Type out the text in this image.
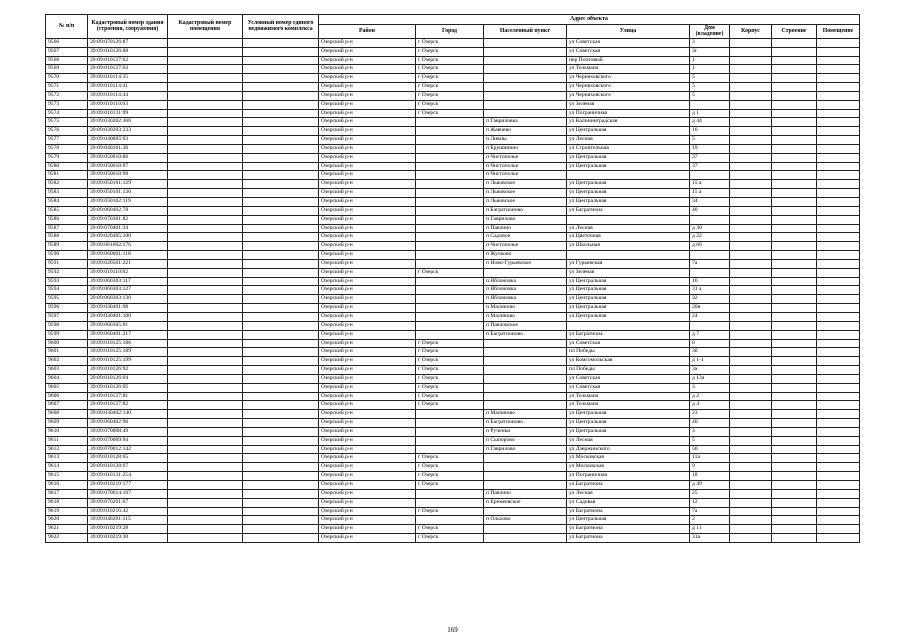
№ п/п	Кадастровый номер здания (строения, сооружения)	Кадастровый номер помещения	Условный номер единого недвижимого комплекса	Адрес объекта							
				Район	Город	Населенный пункт	Улица	Дом (владение)	Корпус	Строение	Помещение
9566	39:09:070126:87			Озерский р-н	г Озерск		ул Советская	3			
9567	39:09:010126:88			Озерский р-н	г Озерск		ул Советская	3г			
9568	39:09:010127:62			Озерский р-н	г Озерск		пер Почтовый	1			
9569	39:09:010127:63			Озерский р-н	г Озерск		ул Тельмана	1			
9570	39:09:010114:35			Озерский р-н	г Озерск		ул Черняховского	5			
9571	39:09:010114:41			Озерский р-н	г Озерск		ул Черняховского	5			
9572	39:09:010114:44			Озерский р-н	г Озерск		ул Черняховского	5			
9573	39:09:010110:63			Озерский р-н	г Озерск		ул Зеленая				
9574	39:09:010131:99			Озерский р-н	г Озерск		ул Пограничная	д 1			
9575	39:09:030202:366			Озерский р-н		п Гавриловка	ул Калининградская	д 44			
9576	39:09:030203:233			Озерский р-н		п Жавчево	ул Центральная	16			
9577	39:09:040005:93			Озерский р-н		п Ливны	ул Лесная	5			
9578	39:09:040101:36			Озерский р-н		п Брушинино	ул Строительная	19			
9579	39:09:050010:86			Озерский р-н		п Чистополье	ул Центральная	37			
9580	39:09:050010:87			Озерский р-н		п Чистополье	ул Центральная	37			
9581	39:09:050010:98			Озерский р-н		п Чистополье					
9582	39:09:050101:129			Озерский р-н		п Львовское	ул Центральная	15 а			
9583	39:09:050101:130			Озерский р-н		п Львовское	ул Центральная	15 а			
9584	39:09:050102:119			Озерский р-н		п Львовское	ул Центральная	34			
9585	39:09:060402:78			Озерский р-н		п Багратионово	ул Багратиона	40			
9586	39:09:070301:82			Озерский р-н		п Гаврилово					
9587	39:09:070401:34			Озерский р-н		п Павлино	ул Лесная	д 30			
9588	39:09:020405:100			Озерский р-н		п Садовое	ул Цветочная	д 22			
9589	39:09:061002:176			Озерский р-н		п Чистополье	ул Школьная	д 66			
9590	39:09:060001:118			Озерский р-н		п Жучково					
9591	39:09:020501:221			Озерский р-н		п Ново-Гурьевское	ул Гурьевская	7а			
9592	39:09:010110:82			Озерский р-н	г Озерск		ул Зеленая				
9593	39:09:060303:117			Озерский р-н		п Яблоновка	ул Центральная	16			
9594	39:09:060303:127			Озерский р-н		п Яблоновка	ул Центральная	31 а			
9595	39:09:060303:130			Озерский р-н		п Яблоновка	ул Центральная	32			
9596	39:09:030401:98			Озерский р-н		п Малиново	ул Центральная	20в			
9597	39:09:030401:100			Озерский р-н		п Малиново	ул Центральная	24			
9598	39:09:060305:81			Озерский р-н		п Павловское					
9599	39:09:060401:217			Озерский р-н		п Багратионово	ул Багратиона	д 7			
9600	39:09:010125:186			Озерский р-н	г Озерск		ул Советская	8			
9601	39:09:010125:189			Озерский р-н	г Озерск		пл Победы	3б			
9602	39:09:010125:199			Озерский р-н	г Озерск		ул Комсомольская	д 1-1			
9603	39:09:010126:92			Озерский р-н	г Озерск		пл Победы	3а			
9604	39:09:010126:94			Озерский р-н	г Озерск		ул Советская	д 13а			
9605	39:09:010126:95			Озерский р-н	г Озерск		ул Советская	3			
9606	39:09:010127:81			Озерский р-н	г Озерск		ул Тельмана	д 2			
9607	39:09:010127:82			Озерский р-н	г Озерск		ул Тельмана	д 4			
9608	39:09:030402:140			Озерский р-н		п Малиново	ул Центральная	23			
9609	39:09:060402:96			Озерский р-н		п Багратионово	ул Центральная	40			
9610	39:09:070008:49			Озерский р-н		п Рученки	ул Центральная	3			
9611	39:09:070009:94			Озерский р-н		п Сыпорово	ул Лесная	5			
9612	39:09:070012:142			Озерский р-н		п Гаврилово	ул Дзержинского	50			
9613	39:09:010128:65			Озерский р-н	г Озерск		ул Московская	11а			
9614	39:09:010128:67			Озерский р-н	г Озерск		ул Московская	9			
9615	39:09:010131:254			Озерский р-н	г Озерск		ул Пограничная	18			
9616	39:09:010219:177			Озерский р-н	г Озерск		ул Багратиона	д 49			
9617	39:09:070014:167			Озерский р-н		п Павлино	ул Лесная	25			
9618	39:09:070201:67			Озерский р-н		п Еремеевское	ул Садовая	12			
9619	39:09:010216:42			Озерский р-н	г Озерск		ул Багратиона	7а			
9620	39:09:040201:115			Озерский р-н		п Ольхово	ул Центральная	2			
9621	39:09:010219:28			Озерский р-н	г Озерск		ул Багратиона	д 11			
9622	39:09:010219:30			Озерский р-н	г Озерск		ул Багратиона	31а			
169
